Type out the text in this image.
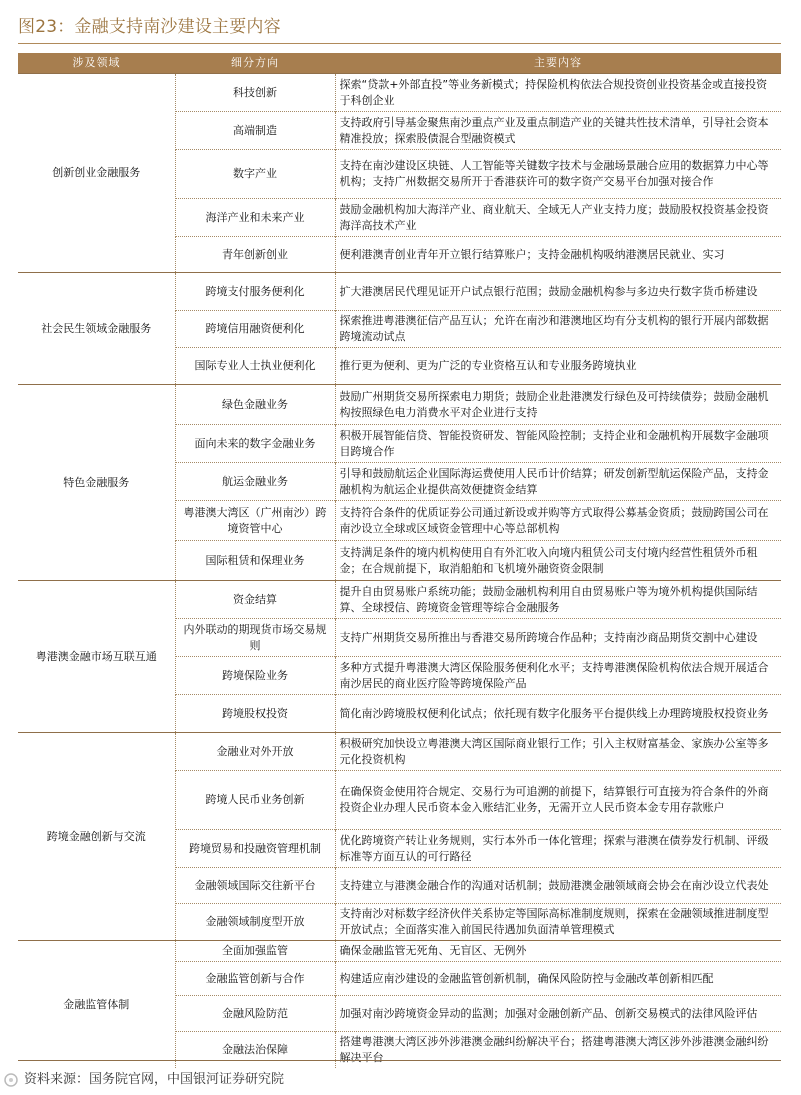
图23：金融支持南沙建设主要内容
涉及领域	细分方向	主要内容
创新创业金融服务	科技创新	探索“贷款+外部直投”等业务新模式；持保险机构依法合规投资创业投资基金或直接投资于科创企业
	高端制造	支持政府引导基金聚焦南沙重点产业及重点制造产业的关键共性技术清单，引导社会资本精准投放；探索股债混合型融资模式
	数字产业	支持在南沙建设区块链、人工智能等关键数字技术与金融场景融合应用的数据算力中心等机构；支持广州数据交易所开于香港获许可的数字资产交易平台加强对接合作
	海洋产业和未来产业	鼓励金融机构加大海洋产业、商业航天、全域无人产业支持力度；鼓励股权投资基金投资海洋高技术产业
	青年创新创业	便利港澳青创业青年开立银行结算账户；支持金融机构吸纳港澳居民就业、实习
社会民生领域金融服务	跨境支付服务便利化	扩大港澳居民代理见证开户试点银行范围；鼓励金融机构参与多边央行数字货币桥建设
	跨境信用融资便利化	探索推进粤港澳征信产品互认；允许在南沙和港澳地区均有分支机构的银行开展内部数据跨境流动试点
	国际专业人士执业便利化	推行更为便利、更为广泛的专业资格互认和专业服务跨境执业
特色金融服务	绿色金融业务	鼓励广州期货交易所探索电力期货；鼓励企业赴港澳发行绿色及可持续债券；鼓励金融机构按照绿色电力消费水平对企业进行支持
	面向未来的数字金融业务	积极开展智能信贷、智能投资研发、智能风险控制；支持企业和金融机构开展数字金融项目跨境合作
	航运金融业务	引导和鼓励航运企业国际海运费使用人民币计价结算；研发创新型航运保险产品，支持金融机构为航运企业提供高效便捷资金结算
	粤港澳大湾区（广州南沙）跨境资管中心	支持符合条件的优质证券公司通过新设或并购等方式取得公募基金资质；鼓励跨国公司在南沙设立全球或区域资金管理中心等总部机构
	国际租赁和保理业务	支持满足条件的境内机构使用自有外汇收入向境内租赁公司支付境内经营性租赁外币租金；在合规前提下，取消船舶和飞机境外融资资金限制
粤港澳金融市场互联互通	资金结算	提升自由贸易账户系统功能；鼓励金融机构利用自由贸易账户等为境外机构提供国际结算、全球授信、跨境资金管理等综合金融服务
	内外联动的期现货市场交易规则	支持广州期货交易所推出与香港交易所跨境合作品种；支持南沙商品期货交割中心建设
	跨境保险业务	多种方式提升粤港澳大湾区保险服务便利化水平；支持粤港澳保险机构依法合规开展适合南沙居民的商业医疗险等跨境保险产品
	跨境股权投资	简化南沙跨境股权便利化试点；依托现有数字化服务平台提供线上办理跨境股权投资业务
跨境金融创新与交流	金融业对外开放	积极研究加快设立粤港澳大湾区国际商业银行工作；引入主权财富基金、家族办公室等多元化投资机构
	跨境人民币业务创新	在确保资金使用符合规定、交易行为可追溯的前提下，结算银行可直接为符合条件的外商投资企业办理人民币资本金入账结汇业务，无需开立人民币资本金专用存款账户
	跨境贸易和投融资管理机制	优化跨境资产转让业务规则，实行本外币一体化管理；探索与港澳在债券发行机制、评级标准等方面互认的可行路径
	金融领域国际交往新平台	支持建立与港澳金融合作的沟通对话机制；鼓励港澳金融领域商会协会在南沙设立代表处
	金融领域制度型开放	支持南沙对标数字经济伙伴关系协定等国际高标准制度规则，探索在金融领域推进制度型开放试点；全面落实准入前国民待遇加负面清单管理模式
金融监管体制	全面加强监管	确保金融监管无死角、无盲区、无例外
	金融监管创新与合作	构建适应南沙建设的金融监管创新机制，确保风险防控与金融改革创新相匹配
	金融风险防范	加强对南沙跨境资金异动的监测；加强对金融创新产品、创新交易模式的法律风险评估
	金融法治保障	搭建粤港澳大湾区涉外涉港澳金融纠纷解决平台；搭建粤港澳大湾区涉外涉港澳金融纠纷解决平台
资料来源：国务院官网，中国银河证券研究院
